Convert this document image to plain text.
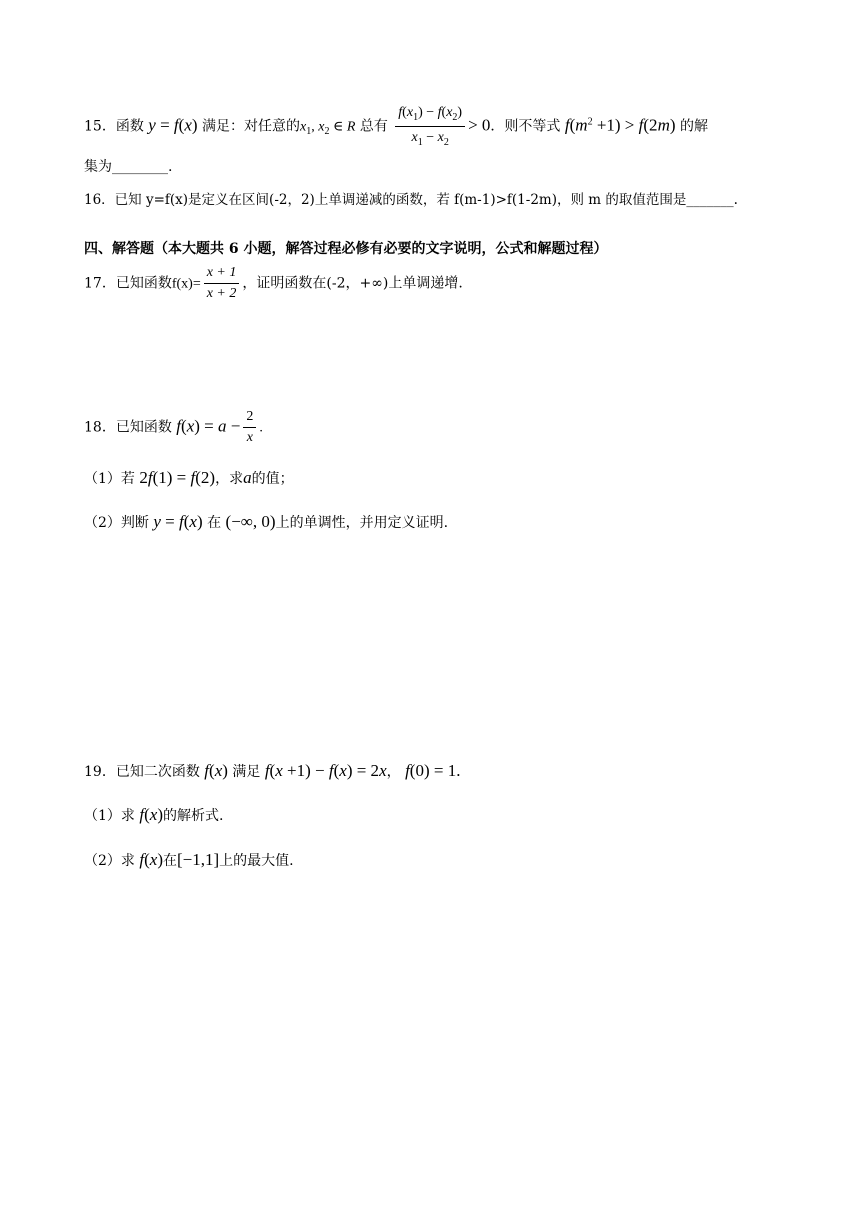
15．函数 y = f(x) 满足：对任意的$x_1$, $x_2$ ∈ R 总有 $\frac{f(x_1) - f(x_2)}{x_1 - x_2} > 0$．则不等式 $f(m^2 +1) > f(2m)$ 的解
集为________.
16．已知 y=f(x)是定义在区间(-2，2)上单调递减的函数，若 f(m-1)>f(1-2m)，则 m 的取值范围是_______.
四、解答题（本大题共 6 小题，解答过程必修有必要的文字说明，公式和解题过程）
17．已知函数$f(x)= \frac{x + 1}{x + 2}$ ，证明函数在(-2，+∞)上单调递增.
18．已知函数 $f(x) = a - \frac{2}{x}$ .
（1）若 2f(1) = f(2)，求a的值；
（2）判断 y = f(x) 在 (−∞, 0)上的单调性，并用定义证明.
19．已知二次函数 f(x) 满足 f(x +1) − f(x) = 2x， f(0) = 1.
（1）求 f(x)的解析式.
（2）求 f(x)在[−1,1]上的最大值.
